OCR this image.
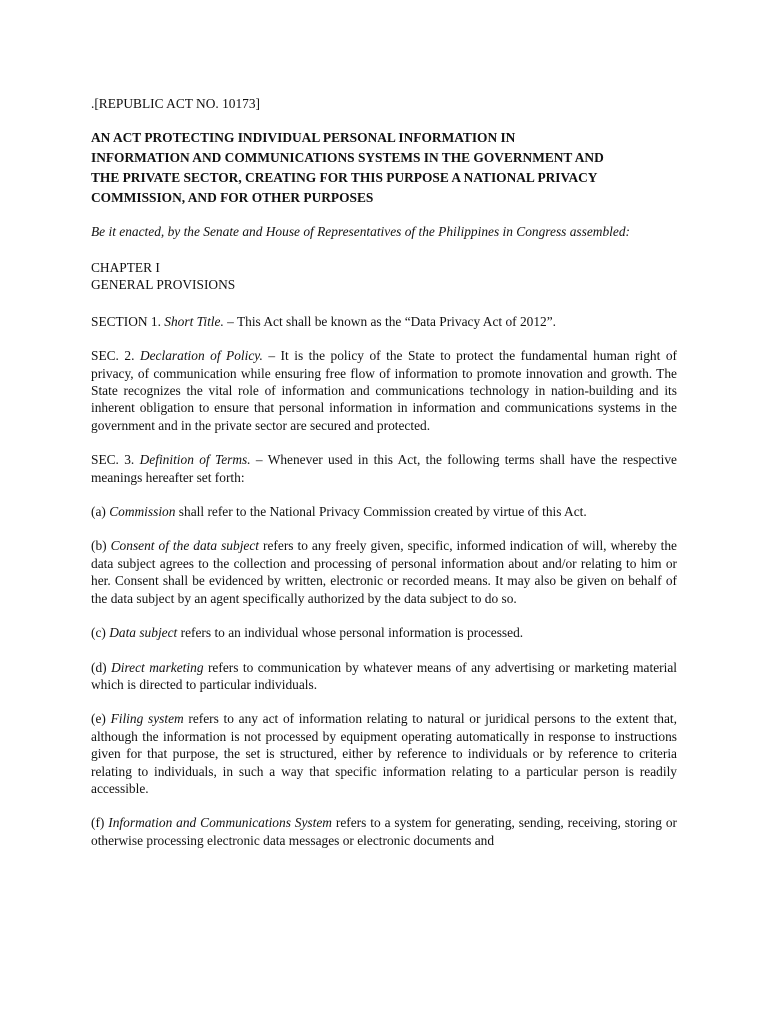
.[REPUBLIC ACT NO. 10173]

AN ACT PROTECTING INDIVIDUAL PERSONAL INFORMATION IN
INFORMATION AND COMMUNICATIONS SYSTEMS IN THE GOVERNMENT AND
THE PRIVATE SECTOR, CREATING FOR THIS PURPOSE A NATIONAL PRIVACY
COMMISSION, AND FOR OTHER PURPOSES

Be it enacted, by the Senate and House of Representatives of the Philippines in Congress assembled:

CHAPTER I
GENERAL PROVISIONS

SECTION 1. Short Title. – This Act shall be known as the “Data Privacy Act of 2012”.

SEC. 2. Declaration of Policy. – It is the policy of the State to protect the fundamental human right of privacy, of communication while ensuring free flow of information to promote innovation and growth. The State recognizes the vital role of information and communications technology in nation-building and its inherent obligation to ensure that personal information in information and communications systems in the government and in the private sector are secured and protected.

SEC. 3. Definition of Terms. – Whenever used in this Act, the following terms shall have the respective meanings hereafter set forth:

(a) Commission shall refer to the National Privacy Commission created by virtue of this Act.

(b) Consent of the data subject refers to any freely given, specific, informed indication of will, whereby the data subject agrees to the collection and processing of personal information about and/or relating to him or her. Consent shall be evidenced by written, electronic or recorded means. It may also be given on behalf of the data subject by an agent specifically authorized by the data subject to do so.

(c) Data subject refers to an individual whose personal information is processed.

(d) Direct marketing refers to communication by whatever means of any advertising or marketing material which is directed to particular individuals.

(e) Filing system refers to any act of information relating to natural or juridical persons to the extent that, although the information is not processed by equipment operating automatically in response to instructions given for that purpose, the set is structured, either by reference to individuals or by reference to criteria relating to individuals, in such a way that specific information relating to a particular person is readily accessible.

(f) Information and Communications System refers to a system for generating, sending, receiving, storing or otherwise processing electronic data messages or electronic documents and
